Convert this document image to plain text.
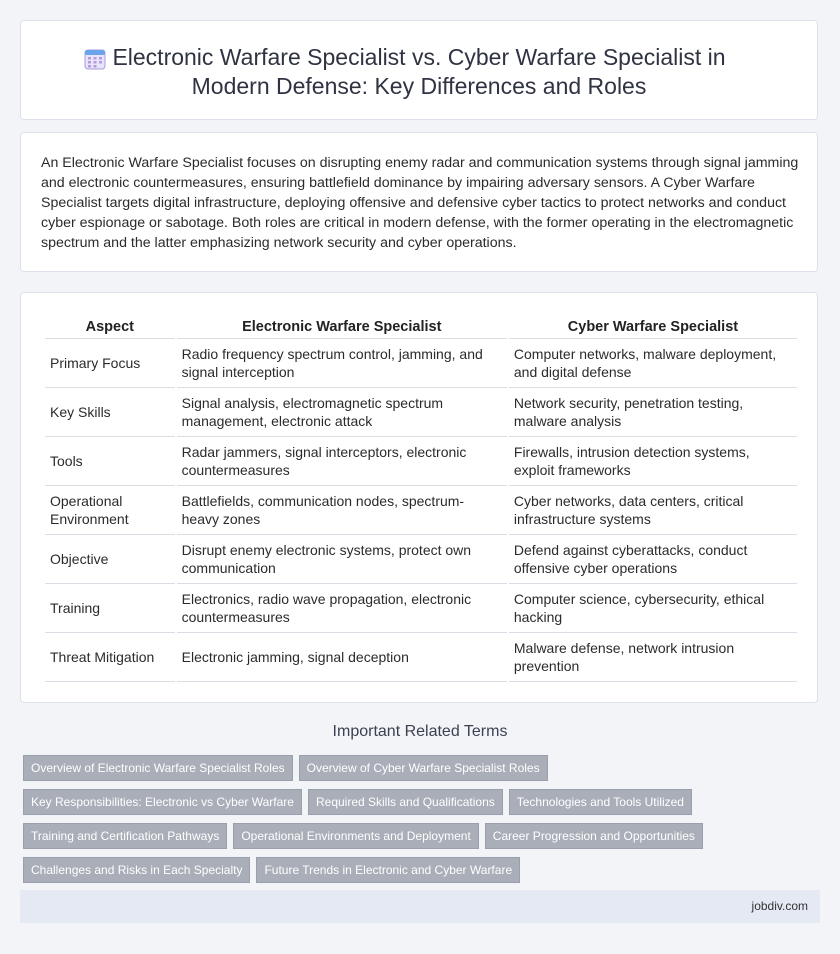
Electronic Warfare Specialist vs. Cyber Warfare Specialist in
Modern Defense: Key Differences and Roles
An Electronic Warfare Specialist focuses on disrupting enemy radar and communication systems through signal jamming and electronic countermeasures, ensuring battlefield dominance by impairing adversary sensors. A Cyber Warfare Specialist targets digital infrastructure, deploying offensive and defensive cyber tactics to protect networks and conduct cyber espionage or sabotage. Both roles are critical in modern defense, with the former operating in the electromagnetic spectrum and the latter emphasizing network security and cyber operations.
Aspect	Electronic Warfare Specialist	Cyber Warfare Specialist
Primary Focus	Radio frequency spectrum control, jamming, and signal interception	Computer networks, malware deployment, and digital defense
Key Skills	Signal analysis, electromagnetic spectrum management, electronic attack	Network security, penetration testing, malware analysis
Tools	Radar jammers, signal interceptors, electronic countermeasures	Firewalls, intrusion detection systems, exploit frameworks
Operational Environment	Battlefields, communication nodes, spectrum-heavy zones	Cyber networks, data centers, critical infrastructure systems
Objective	Disrupt enemy electronic systems, protect own communication	Defend against cyberattacks, conduct offensive cyber operations
Training	Electronics, radio wave propagation, electronic countermeasures	Computer science, cybersecurity, ethical hacking
Threat Mitigation	Electronic jamming, signal deception	Malware defense, network intrusion prevention
Important Related Terms
Overview of Electronic Warfare Specialist Roles	Overview of Cyber Warfare Specialist Roles
Key Responsibilities: Electronic vs Cyber Warfare	Required Skills and Qualifications	Technologies and Tools Utilized
Training and Certification Pathways	Operational Environments and Deployment	Career Progression and Opportunities
Challenges and Risks in Each Specialty	Future Trends in Electronic and Cyber Warfare
jobdiv.com
